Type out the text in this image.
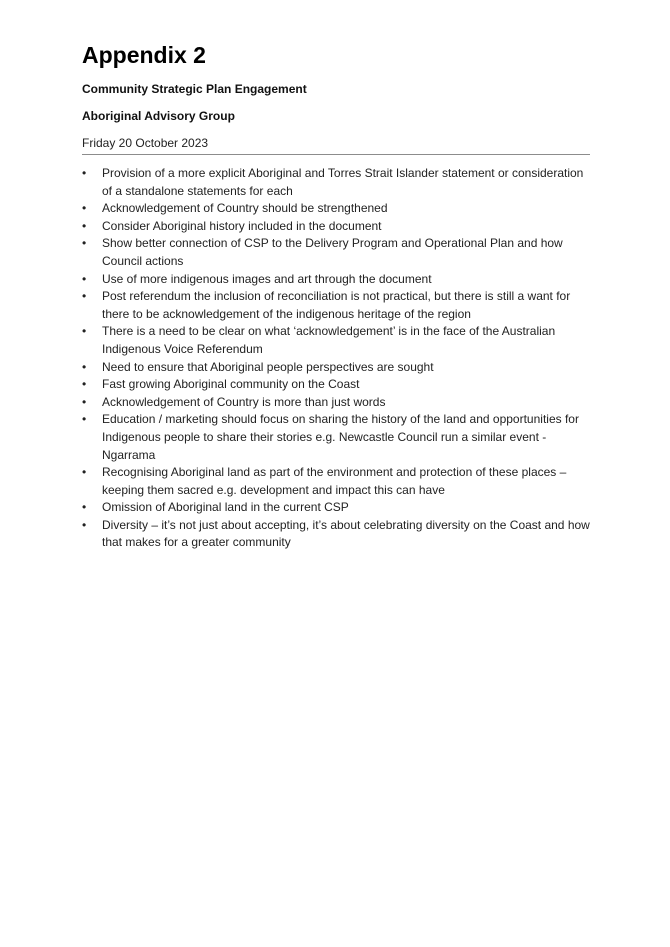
Appendix 2
Community Strategic Plan Engagement
Aboriginal Advisory Group
Friday 20 October 2023
•	Provision of a more explicit Aboriginal and Torres Strait Islander statement or consideration of a standalone statements for each
•	Acknowledgement of Country should be strengthened
•	Consider Aboriginal history included in the document
•	Show better connection of CSP to the Delivery Program and Operational Plan and how Council actions
•	Use of more indigenous images and art through the document
•	Post referendum the inclusion of reconciliation is not practical, but there is still a want for there to be acknowledgement of the indigenous heritage of the region
•	There is a need to be clear on what ‘acknowledgement’ is in the face of the Australian Indigenous Voice Referendum
•	Need to ensure that Aboriginal people perspectives are sought
•	Fast growing Aboriginal community on the Coast
•	Acknowledgement of Country is more than just words
•	Education / marketing should focus on sharing the history of the land and opportunities for Indigenous people to share their stories e.g. Newcastle Council run a similar event - Ngarrama
•	Recognising Aboriginal land as part of the environment and protection of these places – keeping them sacred e.g. development and impact this can have
•	Omission of Aboriginal land in the current CSP
•	Diversity – it’s not just about accepting, it’s about celebrating diversity on the Coast and how that makes for a greater community
